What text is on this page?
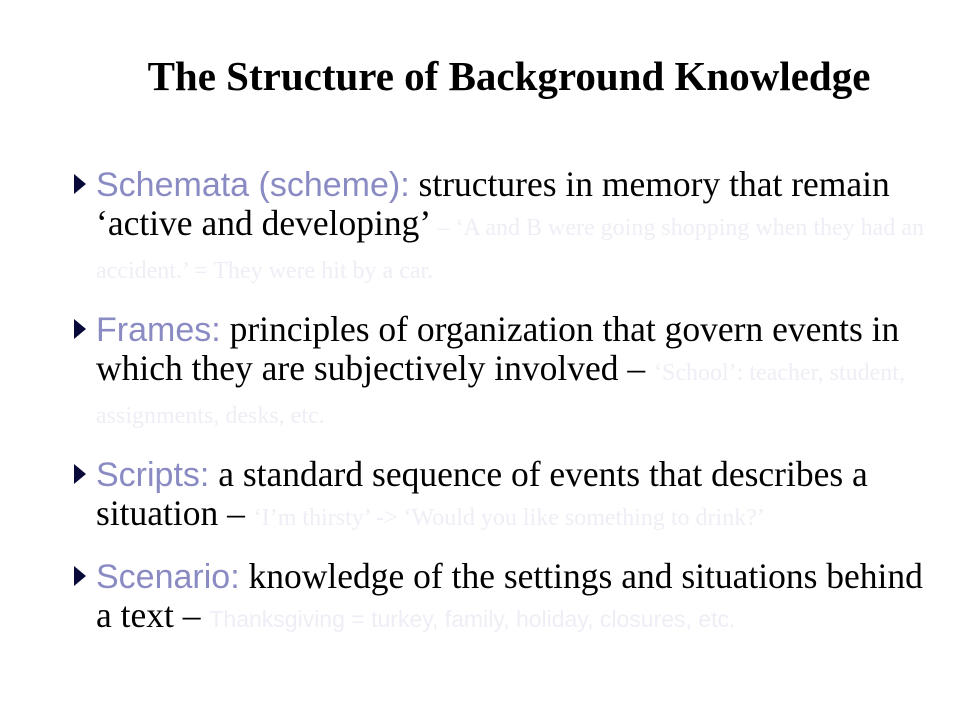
The Structure of Background Knowledge
Schemata (scheme): structures in memory that remain ‘active and developing’ – ‘A and B were going shopping when they had an accident.’ = They were hit by a car.
Frames: principles of organization that govern events in which they are subjectively involved – ‘School’: teacher, student, assignments, desks, etc.
Scripts: a standard sequence of events that describes a situation – ‘I’m thirsty’ -> ‘Would you like something to drink?’
Scenario: knowledge of the settings and situations behind a text – Thanksgiving = turkey, family, holiday, closures, etc.
